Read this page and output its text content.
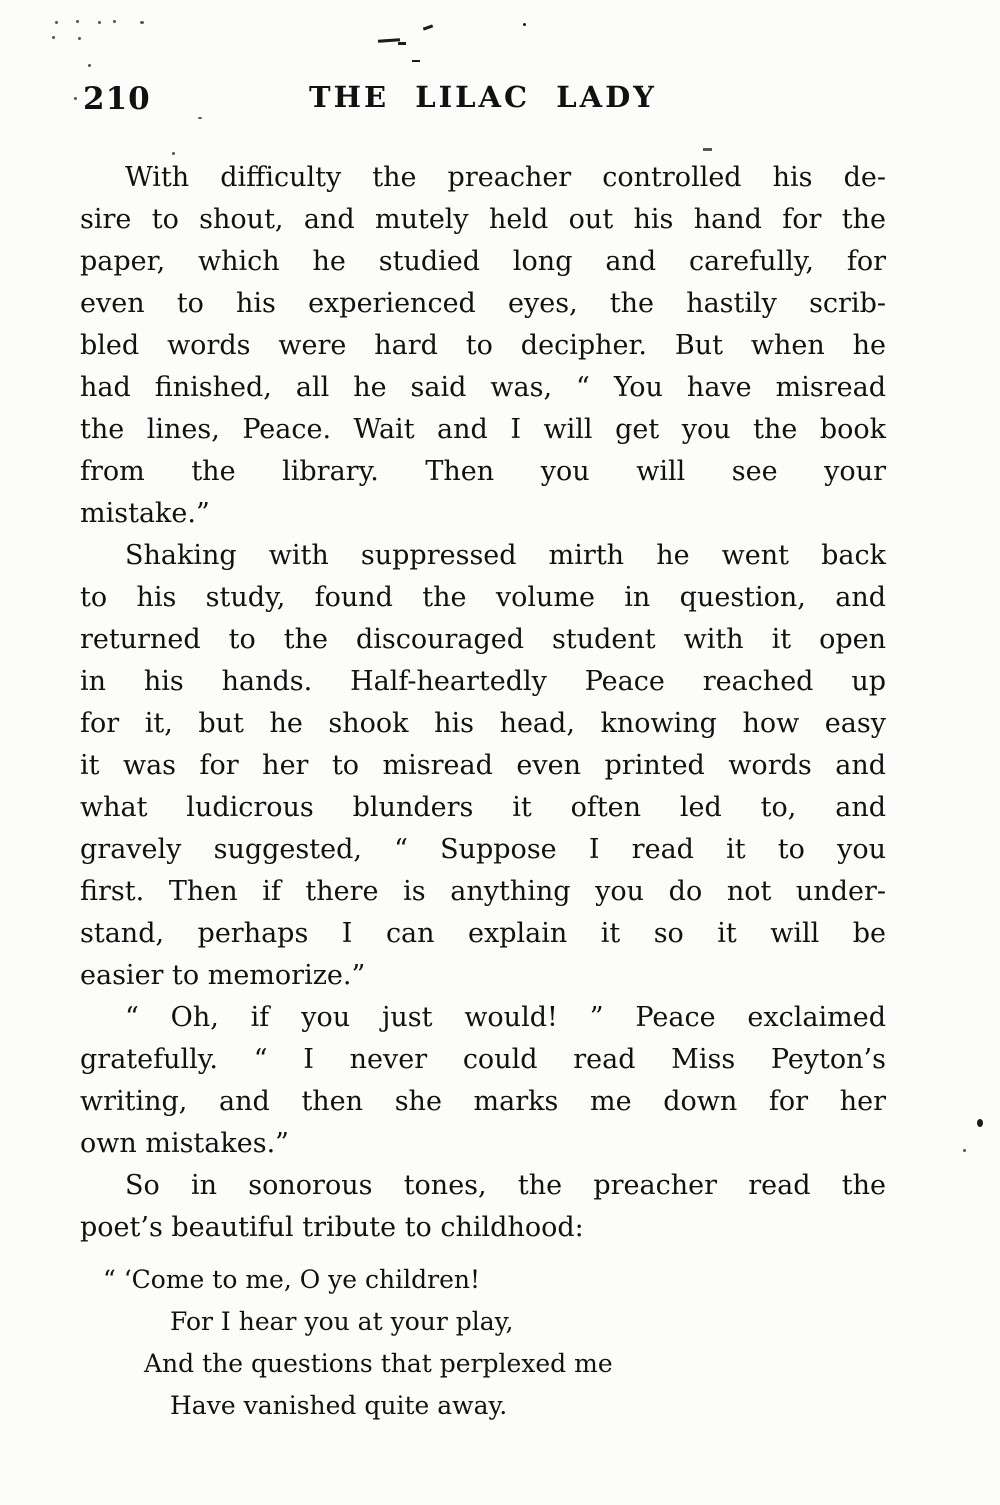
210	THE LILAC LADY
With difficulty the preacher controlled his de-
sire to shout, and mutely held out his hand for the
paper, which he studied long and carefully, for
even to his experienced eyes, the hastily scrib-
bled words were hard to decipher. But when he
had finished, all he said was, “ You have misread
the lines, Peace. Wait and I will get you the book
from the library. Then you will see your
mistake.”
Shaking with suppressed mirth he went back
to his study, found the volume in question, and
returned to the discouraged student with it open
in his hands. Half-heartedly Peace reached up
for it, but he shook his head, knowing how easy
it was for her to misread even printed words and
what ludicrous blunders it often led to, and
gravely suggested, “ Suppose I read it to you
first. Then if there is anything you do not under-
stand, perhaps I can explain it so it will be
easier to memorize.”
“ Oh, if you just would! ” Peace exclaimed
gratefully. “ I never could read Miss Peyton’s
writing, and then she marks me down for her
own mistakes.”
So in sonorous tones, the preacher read the
poet’s beautiful tribute to childhood:
“ ‘Come to me, O ye children!
For I hear you at your play,
And the questions that perplexed me
Have vanished quite away.
